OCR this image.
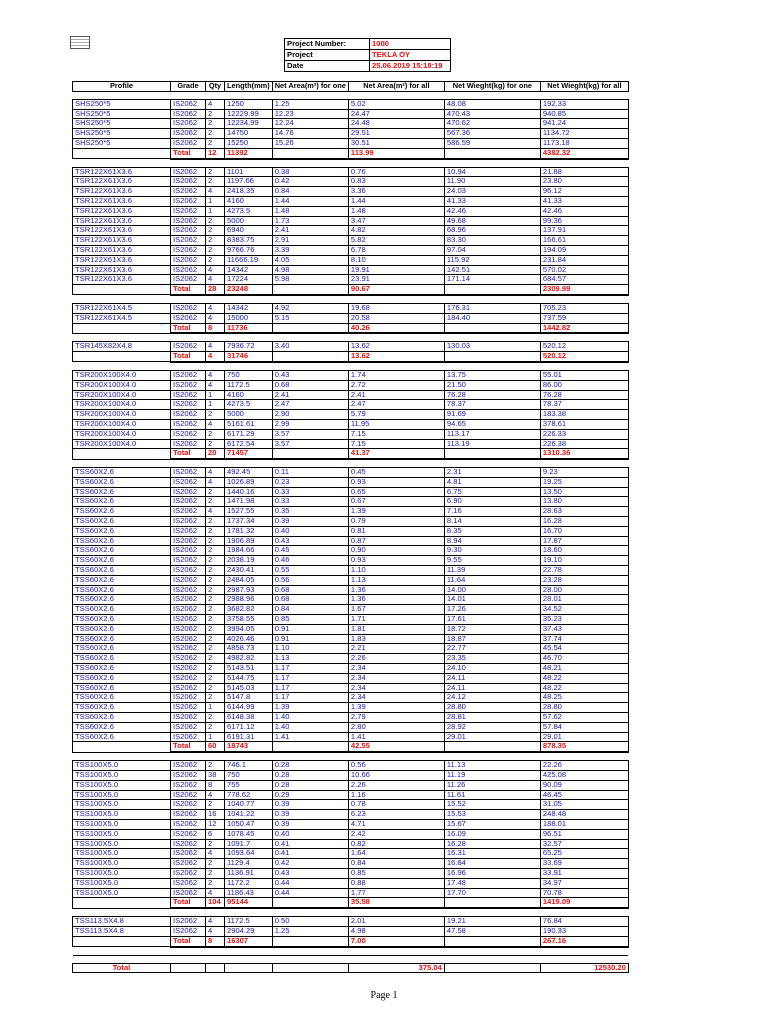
Project Number:	1000
Project	TEKLA OY
Date	25.06.2019 15:18:19
Profile	Grade	Qty	Length(mm)	Net Area(m²) for one	Net Area(m²) for all	Net Wieght(kg) for one	Net Wieght(kg) for all

SHS250*5	IS2062	4	1250	1.25	5.02	48.08	192.33
SHS250*5	IS2062	2	12229.99	12.23	24.47	470.43	940.85
SHS250*5	IS2062	2	12234.99	12.24	24.48	470.62	941.24
SHS250*5	IS2062	2	14750	14.76	29.51	567.36	1134.72
SHS250*5	IS2062	2	15250	15.26	30.51	586.59	1173.18
	Total	12	11392		113.99		4382.32

TSR122X61X3.6	IS2062	2	1101	0.38	0.76	10.94	21.88
TSR122X61X3.6	IS2062	2	1197.66	0.42	0.83	11.90	23.80
TSR122X61X3.6	IS2062	4	2418.35	0.84	3.36	24.03	96.12
TSR122X61X3.6	IS2062	1	4160	1.44	1.44	41.33	41.33
TSR122X61X3.6	IS2062	1	4273.5	1.48	1.48	42.46	42.46
TSR122X61X3.6	IS2062	2	5000	1.73	3.47	49.68	99.36
TSR122X61X3.6	IS2062	2	6940	2.41	4.82	68.96	137.91
TSR122X61X3.6	IS2062	2	8383.75	2.91	5.82	83.30	166.61
TSR122X61X3.6	IS2062	2	9766.76	3.39	6.78	97.04	194.09
TSR122X61X3.6	IS2062	2	11666.19	4.05	8.10	115.92	231.84
TSR122X61X3.6	IS2062	4	14342	4.98	19.91	142.51	570.02
TSR122X61X3.6	IS2062	4	17224	5.98	23.91	171.14	684.57
	Total	28	23248		90.67		2309.99

TSR122X61X4.5	IS2062	4	14342	4.92	19.68	176.31	705.23
TSR122X61X4.5	IS2062	4	15000	5.15	20.58	184.40	737.59
	Total	8	11736		40.26		1442.82

TSR145X82X4.8	IS2062	4	7936.72	3.40	13.62	130.03	520.12
	Total	4	31746		13.62		520.12

TSR200X100X4.0	IS2062	4	750	0.43	1.74	13.75	55.01
TSR200X100X4.0	IS2062	4	1172.5	0.68	2.72	21.50	86.00
TSR200X100X4.0	IS2062	1	4160	2.41	2.41	76.28	76.28
TSR200X100X4.0	IS2062	1	4273.5	2.47	2.47	78.37	78.37
TSR200X100X4.0	IS2062	2	5000	2.90	5.79	91.69	183.38
TSR200X100X4.0	IS2062	4	5161.61	2.99	11.95	94.65	378.61
TSR200X100X4.0	IS2062	2	6171.29	3.57	7.15	113.17	226.33
TSR200X100X4.0	IS2062	2	6172.54	3.57	7.15	113.19	226.38
	Total	20	71457		41.37		1310.36

TSS60X2.6	IS2062	4	492.45	0.11	0.45	2.31	9.23
TSS60X2.6	IS2062	4	1026.89	0.23	0.93	4.81	19.25
TSS60X2.6	IS2062	2	1440.16	0.33	0.65	6.75	13.50
TSS60X2.6	IS2062	2	1471.98	0.33	0.67	6.90	13.80
TSS60X2.6	IS2062	4	1527.55	0.35	1.39	7.16	28.63
TSS60X2.6	IS2062	2	1737.34	0.39	0.79	8.14	16.28
TSS60X2.6	IS2062	2	1781.32	0.40	0.81	8.35	16.70
TSS60X2.6	IS2062	2	1906.89	0.43	0.87	8.94	17.87
TSS60X2.6	IS2062	2	1984.66	0.45	0.90	9.30	18.60
TSS60X2.6	IS2062	2	2038.19	0.46	0.93	9.55	19.10
TSS60X2.6	IS2062	2	2430.41	0.55	1.10	11.39	22.78
TSS60X2.6	IS2062	2	2484.05	0.56	1.13	11.64	23.28
TSS60X2.6	IS2062	2	2987.93	0.68	1.36	14.00	28.00
TSS60X2.6	IS2062	2	2988.96	0.68	1.36	14.01	28.01
TSS60X2.6	IS2062	2	3682.82	0.84	1.67	17.26	34.52
TSS60X2.6	IS2062	2	3758.55	0.85	1.71	17.61	35.23
TSS60X2.6	IS2062	2	3994.05	0.91	1.81	18.72	37.43
TSS60X2.6	IS2062	2	4026.46	0.91	1.83	18.87	37.74
TSS60X2.6	IS2062	2	4858.73	1.10	2.21	22.77	45.54
TSS60X2.6	IS2062	2	4982.82	1.13	2.26	23.35	46.70
TSS60X2.6	IS2062	2	5143.51	1.17	2.34	24.10	48.21
TSS60X2.6	IS2062	2	5144.75	1.17	2.34	24.11	48.22
TSS60X2.6	IS2062	2	5145.03	1.17	2.34	24.11	48.22
TSS60X2.6	IS2062	2	5147.8	1.17	2.34	24.12	48.25
TSS60X2.6	IS2062	1	6144.99	1.39	1.39	28.80	28.80
TSS60X2.6	IS2062	2	6148.38	1.40	2.79	28.81	57.62
TSS60X2.6	IS2062	2	6171.12	1.40	2.80	28.92	57.84
TSS60X2.6	IS2062	1	6191.31	1.41	1.41	29.01	29.01
	Total	60	18743		42.55		878.35

TSS100X5.0	IS2062	2	746.1	0.28	0.56	11.13	22.26
TSS100X5.0	IS2062	38	750	0.28	10.66	11.19	425.08
TSS100X5.0	IS2062	8	755	0.28	2.26	11.26	90.09
TSS100X5.0	IS2062	4	778.62	0.29	1.16	11.61	46.45
TSS100X5.0	IS2062	2	1040.77	0.39	0.78	15.52	31.05
TSS100X5.0	IS2062	16	1041.22	0.39	6.23	15.53	248.48
TSS100X5.0	IS2062	12	1050.47	0.39	4.71	15.67	188.01
TSS100X5.0	IS2062	6	1078.45	0.40	2.42	16.09	96.51
TSS100X5.0	IS2062	2	1091.7	0.41	0.82	16.28	32.57
TSS100X5.0	IS2062	4	1093.64	0.41	1.64	16.31	65.25
TSS100X5.0	IS2062	2	1129.4	0.42	0.84	16.84	33.69
TSS100X5.0	IS2062	2	1136.91	0.43	0.85	16.96	33.91
TSS100X5.0	IS2062	2	1172.2	0.44	0.88	17.48	34.97
TSS100X5.0	IS2062	4	1186.43	0.44	1.77	17.70	70.78
	Total	104	95144		35.58		1419.09

TSS113.5X4.8	IS2062	4	1172.5	0.50	2.01	19.21	76.84
TSS113.5X4.8	IS2062	4	2904.29	1.25	4.98	47.58	190.33
	Total	8	16307		7.00		267.16

Total					375.04		12530.20
Page 1
